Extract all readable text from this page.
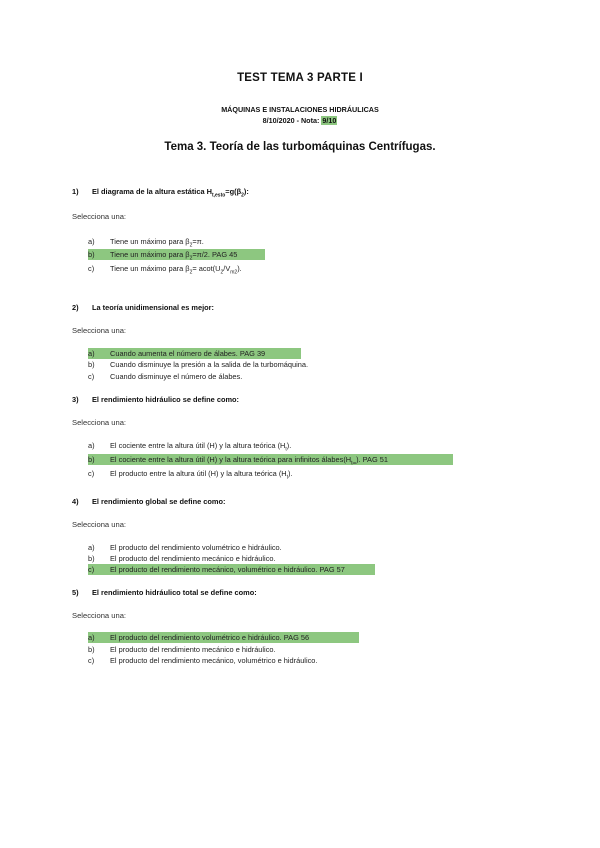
TEST TEMA 3 PARTE I
MÁQUINAS E INSTALACIONES HIDRÁULICAS
8/10/2020 - Nota: 9/10
Tema 3. Teoría de las turbomáquinas Centrífugas.
1) El diagrama de la altura estática $H_{t,esto}=g(\beta_2)$:
Selecciona una:
a) Tiene un máximo para $\beta_2=\pi$.
b) Tiene un máximo para $\beta_2=\pi/2$. PAG 45
c) Tiene un máximo para $\beta_2= acot(U_2/V_{m2})$.
2) La teoría unidimensional es mejor:
Selecciona una:
a) Cuando aumenta el número de álabes. PAG 39
b) Cuando disminuye la presión a la salida de la turbomáquina.
c) Cuando disminuye el número de álabes.
3) El rendimiento hidráulico se define como:
Selecciona una:
a) El cociente entre la altura útil (H) y la altura teórica $(H_t)$.
b) El cociente entre la altura útil (H) y la altura teórica para infinitos $álabes(H_{t\infty})$. PAG 51
c) El producto entre la altura útil (H) y la altura teórica $(H_t)$.
4) El rendimiento global se define como:
Selecciona una:
a) El producto del rendimiento volumétrico e hidráulico.
b) El producto del rendimiento mecánico e hidráulico.
c) El producto del rendimiento mecánico, volumétrico e hidráulico. PAG 57
5) El rendimiento hidráulico total se define como:
Selecciona una:
a) El producto del rendimiento volumétrico e hidráulico. PAG 56
b) El producto del rendimiento mecánico e hidráulico.
c) El producto del rendimiento mecánico, volumétrico e hidráulico.
